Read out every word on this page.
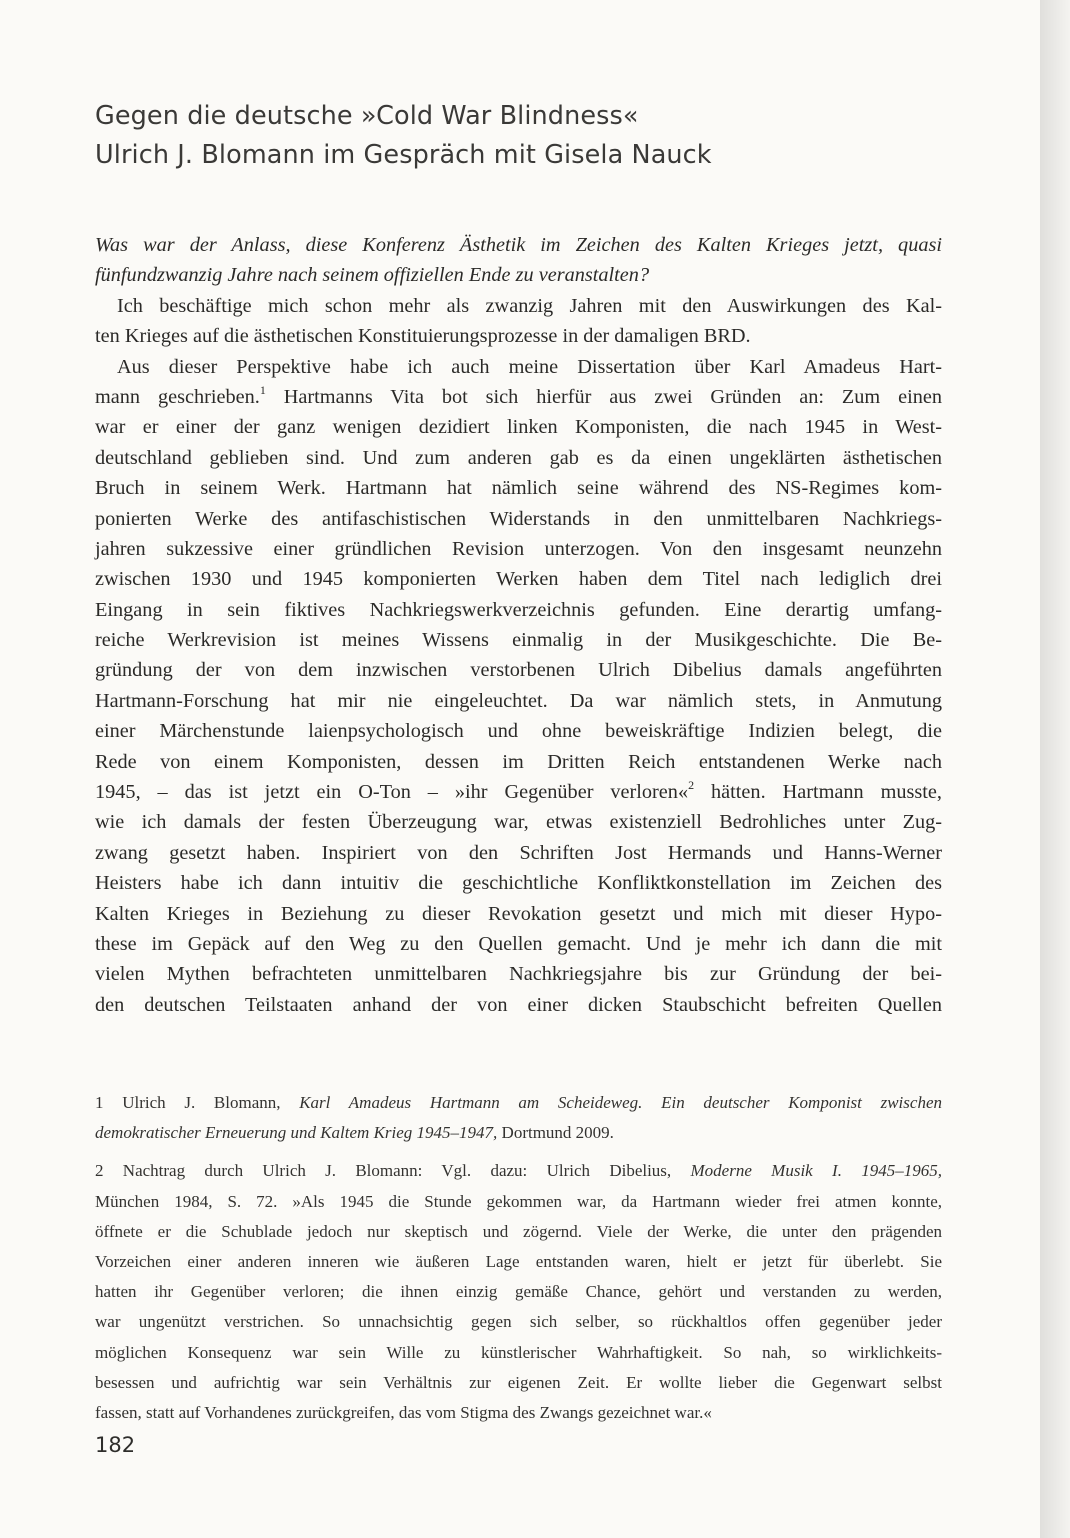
Gegen die deutsche »Cold War Blindness«
Ulrich J. Blomann im Gespräch mit Gisela Nauck
Was war der Anlass, diese Konferenz Ästhetik im Zeichen des Kalten Krieges jetzt, quasi
fünfundzwanzig Jahre nach seinem offiziellen Ende zu veranstalten?
Ich beschäftige mich schon mehr als zwanzig Jahren mit den Auswirkungen des Kal-
ten Krieges auf die ästhetischen Konstituierungsprozesse in der damaligen BRD.
Aus dieser Perspektive habe ich auch meine Dissertation über Karl Amadeus Hart-
mann geschrieben.$^1$ Hartmanns Vita bot sich hierfür aus zwei Gründen an: Zum einen
war er einer der ganz wenigen dezidiert linken Komponisten, die nach 1945 in West-
deutschland geblieben sind. Und zum anderen gab es da einen ungeklärten ästhetischen
Bruch in seinem Werk. Hartmann hat nämlich seine während des NS-Regimes kom-
ponierten Werke des antifaschistischen Widerstands in den unmittelbaren Nachkriegs-
jahren sukzessive einer gründlichen Revision unterzogen. Von den insgesamt neunzehn
zwischen 1930 und 1945 komponierten Werken haben dem Titel nach lediglich drei
Eingang in sein fiktives Nachkriegswerkverzeichnis gefunden. Eine derartig umfang-
reiche Werkrevision ist meines Wissens einmalig in der Musikgeschichte. Die Be-
gründung der von dem inzwischen verstorbenen Ulrich Dibelius damals angeführten
Hartmann-Forschung hat mir nie eingeleuchtet. Da war nämlich stets, in Anmutung
einer Märchenstunde laienpsychologisch und ohne beweiskräftige Indizien belegt, die
Rede von einem Komponisten, dessen im Dritten Reich entstandenen Werke nach
1945, – das ist jetzt ein O-Ton – »ihr Gegenüber verloren«$^2$ hätten. Hartmann musste,
wie ich damals der festen Überzeugung war, etwas existenziell Bedrohliches unter Zug-
zwang gesetzt haben. Inspiriert von den Schriften Jost Hermands und Hanns-Werner
Heisters habe ich dann intuitiv die geschichtliche Konfliktkonstellation im Zeichen des
Kalten Krieges in Beziehung zu dieser Revokation gesetzt und mich mit dieser Hypo-
these im Gepäck auf den Weg zu den Quellen gemacht. Und je mehr ich dann die mit
vielen Mythen befrachteten unmittelbaren Nachkriegsjahre bis zur Gründung der bei-
den deutschen Teilstaaten anhand der von einer dicken Staubschicht befreiten Quellen
1 Ulrich J. Blomann, Karl Amadeus Hartmann am Scheideweg. Ein deutscher Komponist zwischen
demokratischer Erneuerung und Kaltem Krieg 1945–1947, Dortmund 2009.
2 Nachtrag durch Ulrich J. Blomann: Vgl. dazu: Ulrich Dibelius, Moderne Musik I. 1945–1965,
München 1984, S. 72. »Als 1945 die Stunde gekommen war, da Hartmann wieder frei atmen konnte,
öffnete er die Schublade jedoch nur skeptisch und zögernd. Viele der Werke, die unter den prägenden
Vorzeichen einer anderen inneren wie äußeren Lage entstanden waren, hielt er jetzt für überlebt. Sie
hatten ihr Gegenüber verloren; die ihnen einzig gemäße Chance, gehört und verstanden zu werden,
war ungenützt verstrichen. So unnachsichtig gegen sich selber, so rückhaltlos offen gegenüber jeder
möglichen Konsequenz war sein Wille zu künstlerischer Wahrhaftigkeit. So nah, so wirklichkeits-
besessen und aufrichtig war sein Verhältnis zur eigenen Zeit. Er wollte lieber die Gegenwart selbst
fassen, statt auf Vorhandenes zurückgreifen, das vom Stigma des Zwangs gezeichnet war.«
182
